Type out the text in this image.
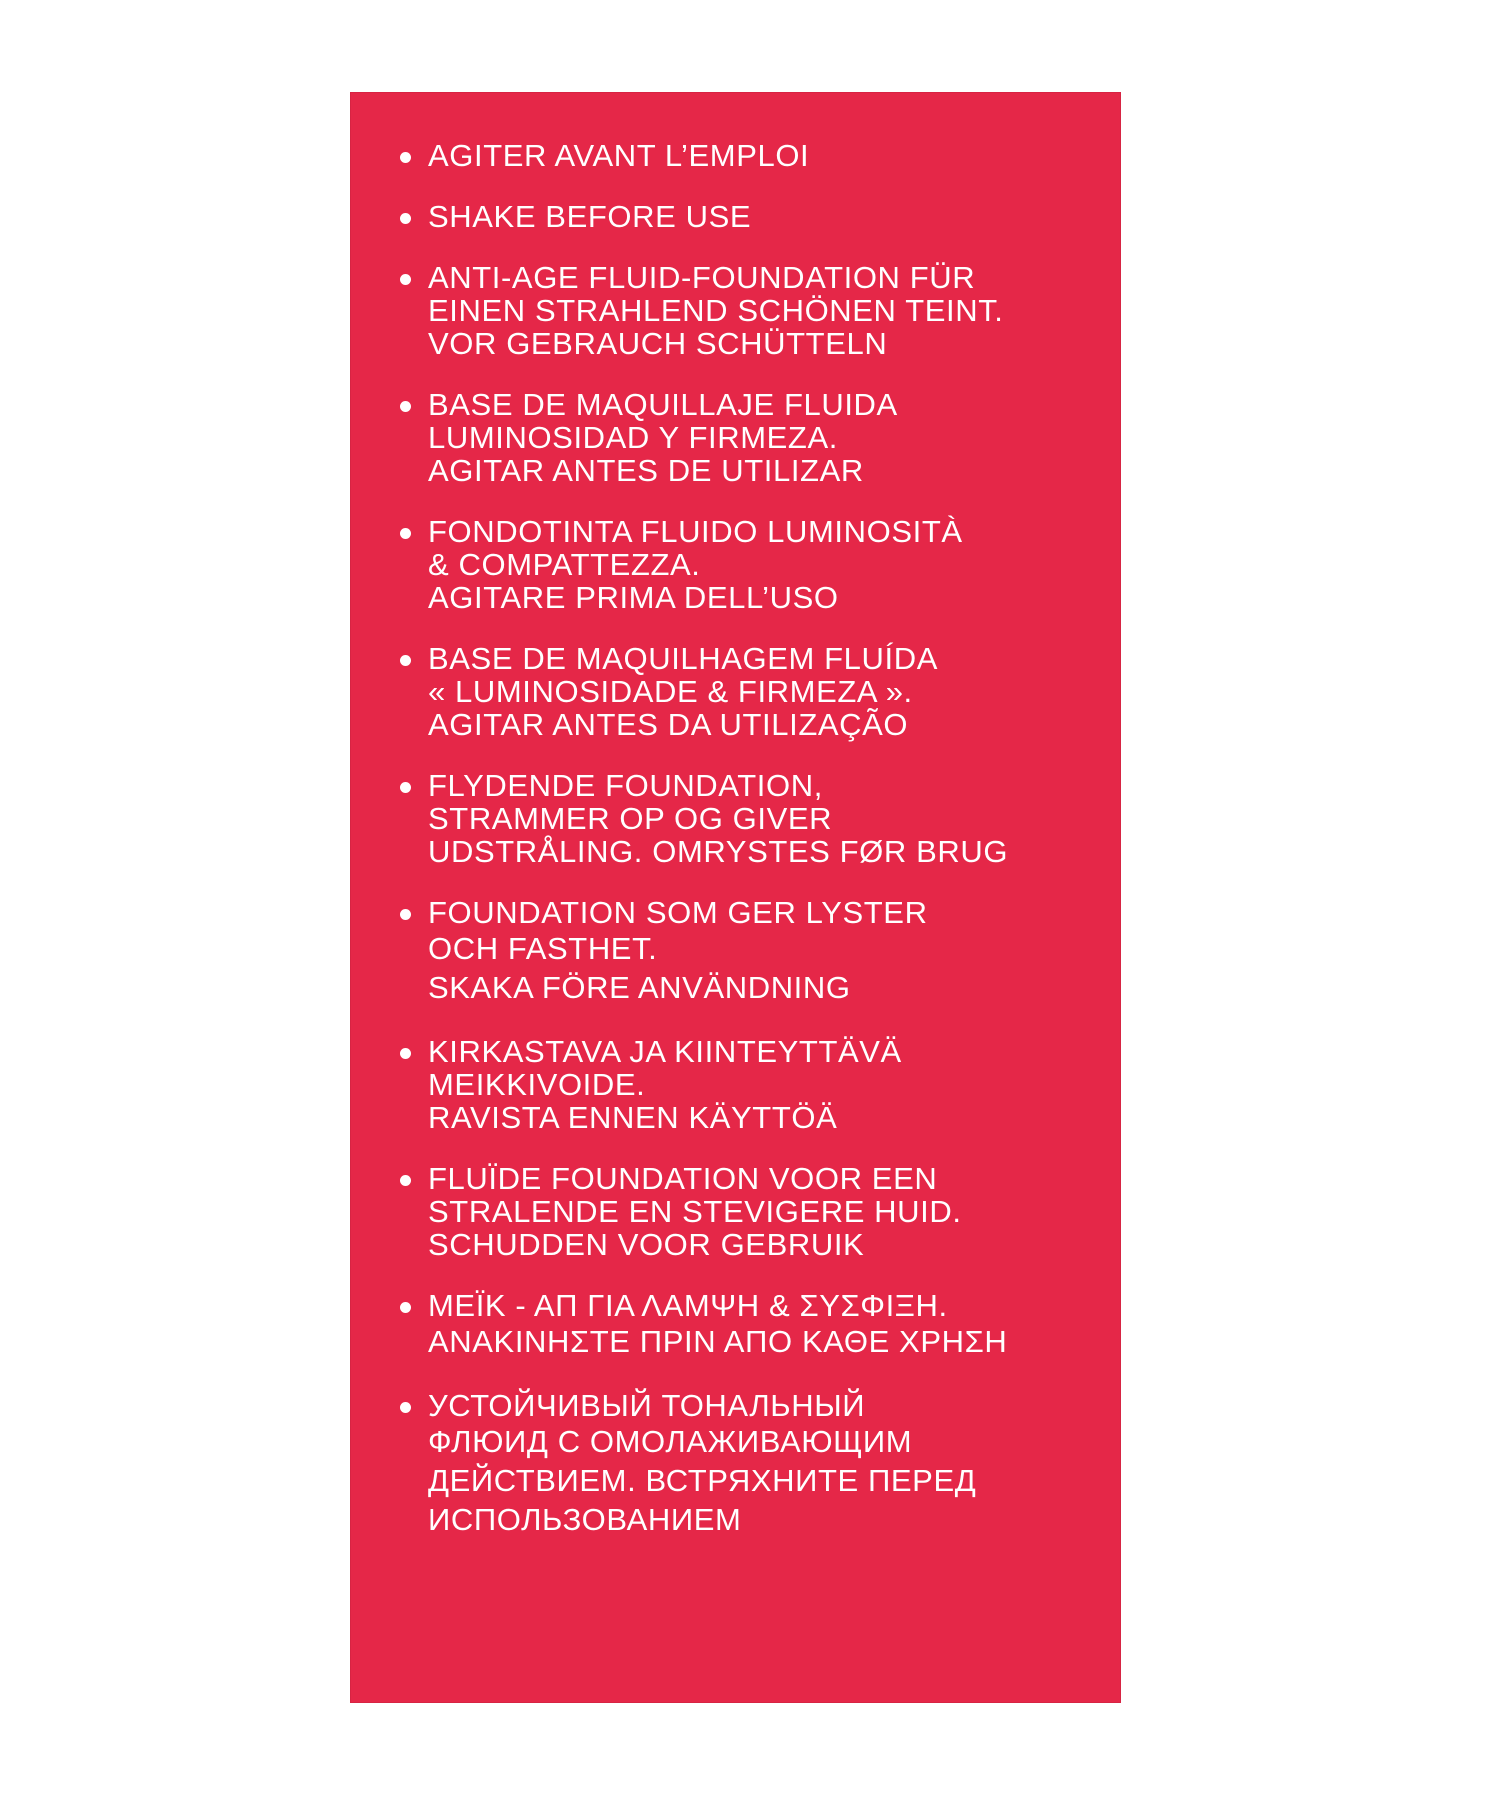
AGITER AVANT L’EMPLOI
SHAKE BEFORE USE
ANTI-AGE FLUID-FOUNDATION FÜR
EINEN STRAHLEND SCHÖNEN TEINT.
VOR GEBRAUCH SCHÜTTELN
BASE DE MAQUILLAJE FLUIDA
LUMINOSIDAD Y FIRMEZA.
AGITAR ANTES DE UTILIZAR
FONDOTINTA FLUIDO LUMINOSITÀ
& COMPATTEZZA.
AGITARE PRIMA DELL’USO
BASE DE MAQUILHAGEM FLUÍDA
« LUMINOSIDADE & FIRMEZA ».
AGITAR ANTES DA UTILIZAÇÃO
FLYDENDE FOUNDATION,
STRAMMER OP OG GIVER
UDSTRÅLING. OMRYSTES FØR BRUG
FOUNDATION SOM GER LYSTER
OCH FASTHET.
SKAKA FÖRE ANVÄNDNING
KIRKASTAVA JA KIINTEYTTÄVÄ
MEIKKIVOIDE.
RAVISTA ENNEN KÄYTTÖÄ
FLUÏDE FOUNDATION VOOR EEN
STRALENDE EN STEVIGERE HUID.
SCHUDDEN VOOR GEBRUIK
ΜΕΪΚ - ΑΠ ΓΙΑ ΛΑΜΨΗ & ΣΥΣΦΙΞΗ.
ΑΝΑΚΙΝΗΣΤΕ ΠΡΙΝ ΑΠΟ ΚΑΘΕ ΧΡΗΣΗ
УСТОЙЧИВЫЙ ТОНАЛЬНЫЙ
ФЛЮИД С ОМОЛАЖИВАЮЩИМ
ДЕЙСТВИЕМ. ВСТРЯХНИТЕ ПЕРЕД
ИСПОЛЬЗОВАНИЕМ
